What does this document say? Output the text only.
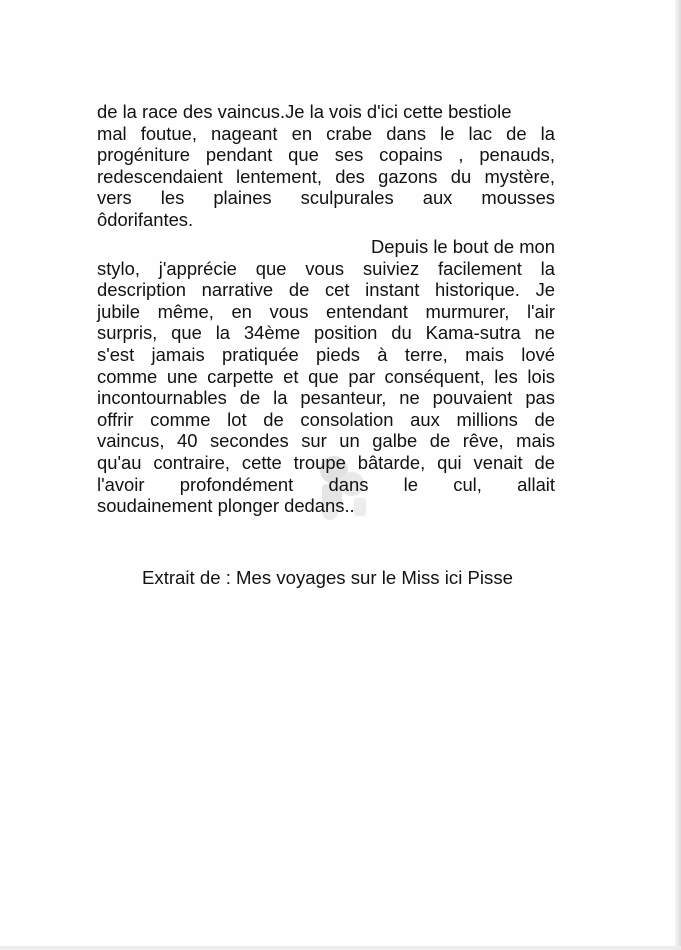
de la race des vaincus.Je la vois d'ici cette bestiole
mal foutue, nageant en crabe dans le lac de la
progéniture pendant que ses copains , penauds,
redescendaient lentement, des gazons du mystère,
vers les plaines sculpurales aux mousses
ôdorifantes.
Depuis le bout de mon
stylo, j'apprécie que vous suiviez facilement la
description narrative de cet instant historique. Je
jubile même, en vous entendant murmurer, l'air
surpris, que la 34ème position du Kama-sutra ne
s'est jamais pratiquée pieds à terre, mais lové
comme une carpette et que par conséquent, les lois
incontournables de la pesanteur, ne pouvaient pas
offrir comme lot de consolation aux millions de
vaincus, 40 secondes sur un galbe de rêve, mais
qu'au contraire, cette troupe bâtarde, qui venait de
l'avoir profondément dans le cul, allait
soudainement plonger dedans..
Extrait de : Mes voyages sur le Miss ici Pisse
